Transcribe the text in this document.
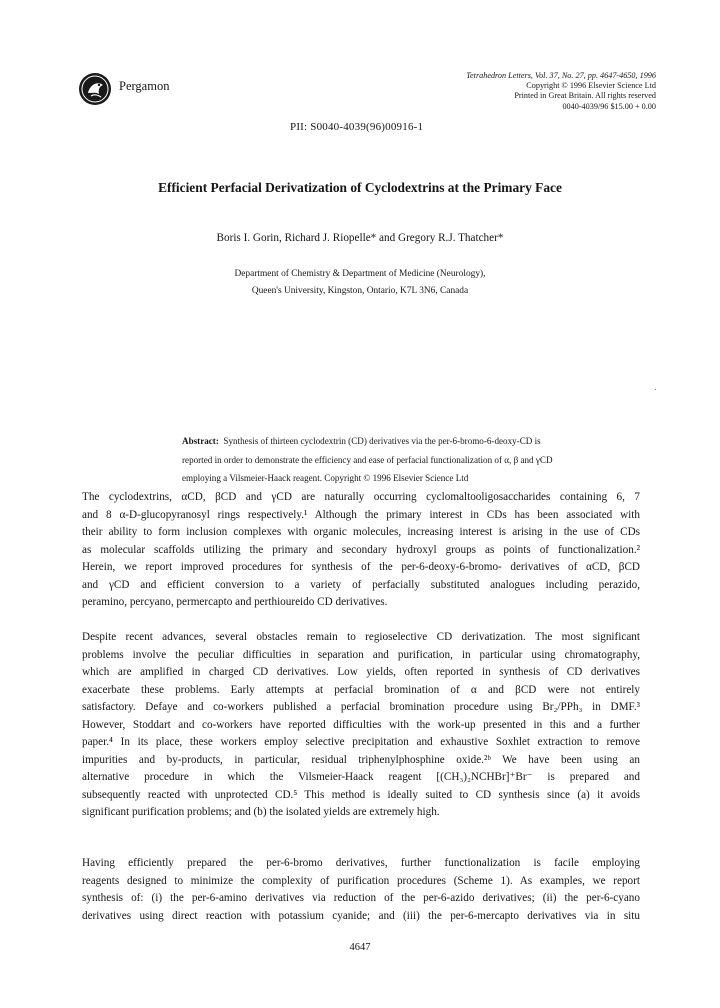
Pergamon
Tetrahedron Letters, Vol. 37, No. 27, pp. 4647-4650, 1996
Copyright © 1996 Elsevier Science Ltd
Printed in Great Britain. All rights reserved
0040-4039/96 $15.00 + 0.00
PII: S0040-4039(96)00916-1
Efficient Perfacial Derivatization of Cyclodextrins at the Primary Face
Boris I. Gorin, Richard J. Riopelle* and Gregory R.J. Thatcher*
Department of Chemistry & Department of Medicine (Neurology),
Queen's University, Kingston, Ontario, K7L 3N6, Canada
Abstract: Synthesis of thirteen cyclodextrin (CD) derivatives via the per-6-bromo-6-deoxy-CD is
reported in order to demonstrate the efficiency and ease of perfacial functionalization of α, β and γCD
employing a Vilsmeier-Haack reagent. Copyright © 1996 Elsevier Science Ltd
The cyclodextrins, αCD, βCD and γCD are naturally occurring cyclomaltooligosaccharides containing 6, 7
and 8 α-D-glucopyranosyl rings respectively.¹ Although the primary interest in CDs has been associated with
their ability to form inclusion complexes with organic molecules, increasing interest is arising in the use of CDs
as molecular scaffolds utilizing the primary and secondary hydroxyl groups as points of functionalization.²
Herein, we report improved procedures for synthesis of the per-6-deoxy-6-bromo- derivatives of αCD, βCD
and γCD and efficient conversion to a variety of perfacially substituted analogues including perazido,
peramino, percyano, permercapto and perthioureido CD derivatives.
Despite recent advances, several obstacles remain to regioselective CD derivatization. The most significant
problems involve the peculiar difficulties in separation and purification, in particular using chromatography,
which are amplified in charged CD derivatives. Low yields, often reported in synthesis of CD derivatives
exacerbate these problems. Early attempts at perfacial bromination of α and βCD were not entirely
satisfactory. Defaye and co-workers published a perfacial bromination procedure using Br₂/PPh₃ in DMF.³
However, Stoddart and co-workers have reported difficulties with the work-up presented in this and a further
paper.⁴ In its place, these workers employ selective precipitation and exhaustive Soxhlet extraction to remove
impurities and by-products, in particular, residual triphenylphosphine oxide.²ᵇ We have been using an
alternative procedure in which the Vilsmeier-Haack reagent [(CH₃)₂NCHBr]⁺Br⁻ is prepared and
subsequently reacted with unprotected CD.⁵ This method is ideally suited to CD synthesis since (a) it avoids
significant purification problems; and (b) the isolated yields are extremely high.
Having efficiently prepared the per-6-bromo derivatives, further functionalization is facile employing
reagents designed to minimize the complexity of purification procedures (Scheme 1). As examples, we report
synthesis of: (i) the per-6-amino derivatives via reduction of the per-6-azido derivatives; (ii) the per-6-cyano
derivatives using direct reaction with potassium cyanide; and (iii) the per-6-mercapto derivatives via in situ
4647
